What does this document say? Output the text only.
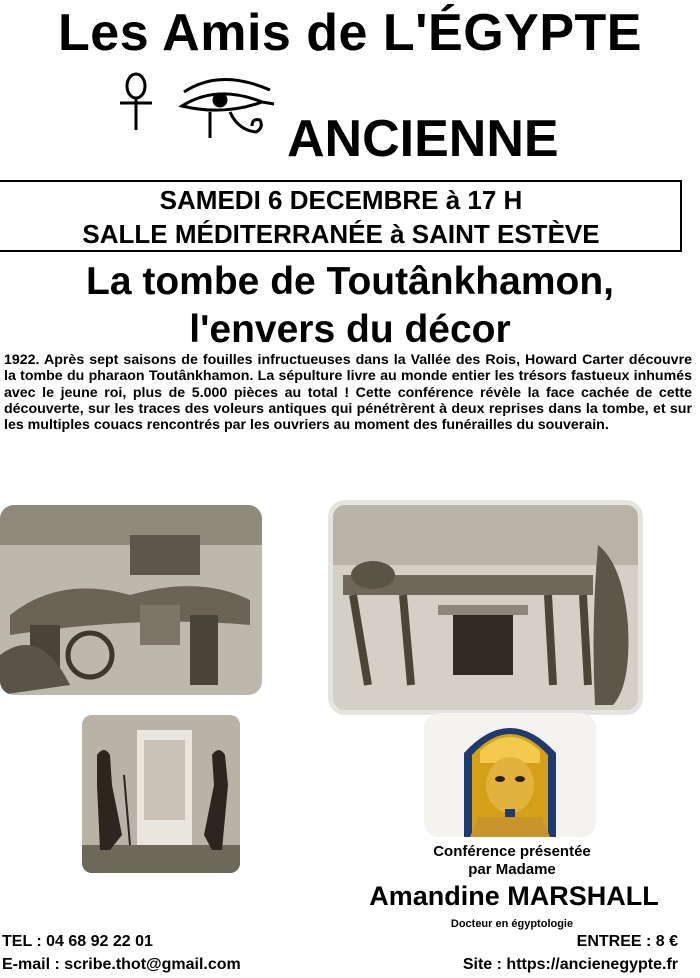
Les Amis de L'ÉGYPTE
ANCIENNE
SAMEDI 6 DECEMBRE à 17 H
SALLE MÉDITERRANÉE à SAINT ESTÈVE
La tombe de Toutânkhamon,
l'envers du décor
1922. Après sept saisons de fouilles infructueuses dans la Vallée des Rois, Howard Carter découvre la tombe du pharaon Toutânkhamon. La sépulture livre au monde entier les trésors fastueux inhumés avec le jeune roi, plus de 5.000 pièces au total ! Cette conférence révèle la face cachée de cette découverte, sur les traces des voleurs antiques qui pénétrèrent à deux reprises dans la tombe, et sur les multiples couacs rencontrés par les ouvriers au moment des funérailles du souverain.
Conférence présentée
par Madame
Amandine MARSHALL
Docteur en égyptologie
TEL : 04 68 92 22 01
E-mail : scribe.thot@gmail.com
ENTREE : 8 €
Site : https://ancienegypte.fr
